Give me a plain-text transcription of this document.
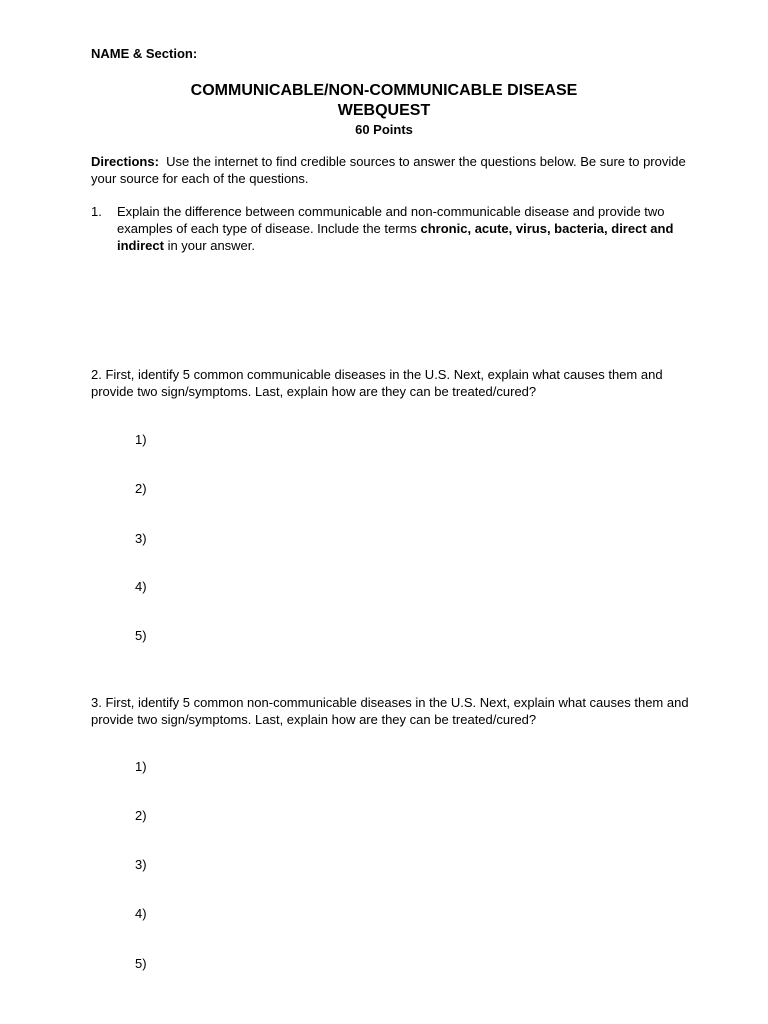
NAME & Section:
COMMUNICABLE/NON-COMMUNICABLE DISEASE
WEBQUEST
60 Points
Directions: Use the internet to find credible sources to answer the questions below. Be sure to provide your source for each of the questions.
1.	Explain the difference between communicable and non-communicable disease and provide two examples of each type of disease. Include the terms chronic, acute, virus, bacteria, direct and indirect in your answer.
2. First, identify 5 common communicable diseases in the U.S. Next, explain what causes them and provide two sign/symptoms. Last, explain how are they can be treated/cured?
1)
2)
3)
4)
5)
3. First, identify 5 common non-communicable diseases in the U.S. Next, explain what causes them and provide two sign/symptoms. Last, explain how are they can be treated/cured?
1)
2)
3)
4)
5)
